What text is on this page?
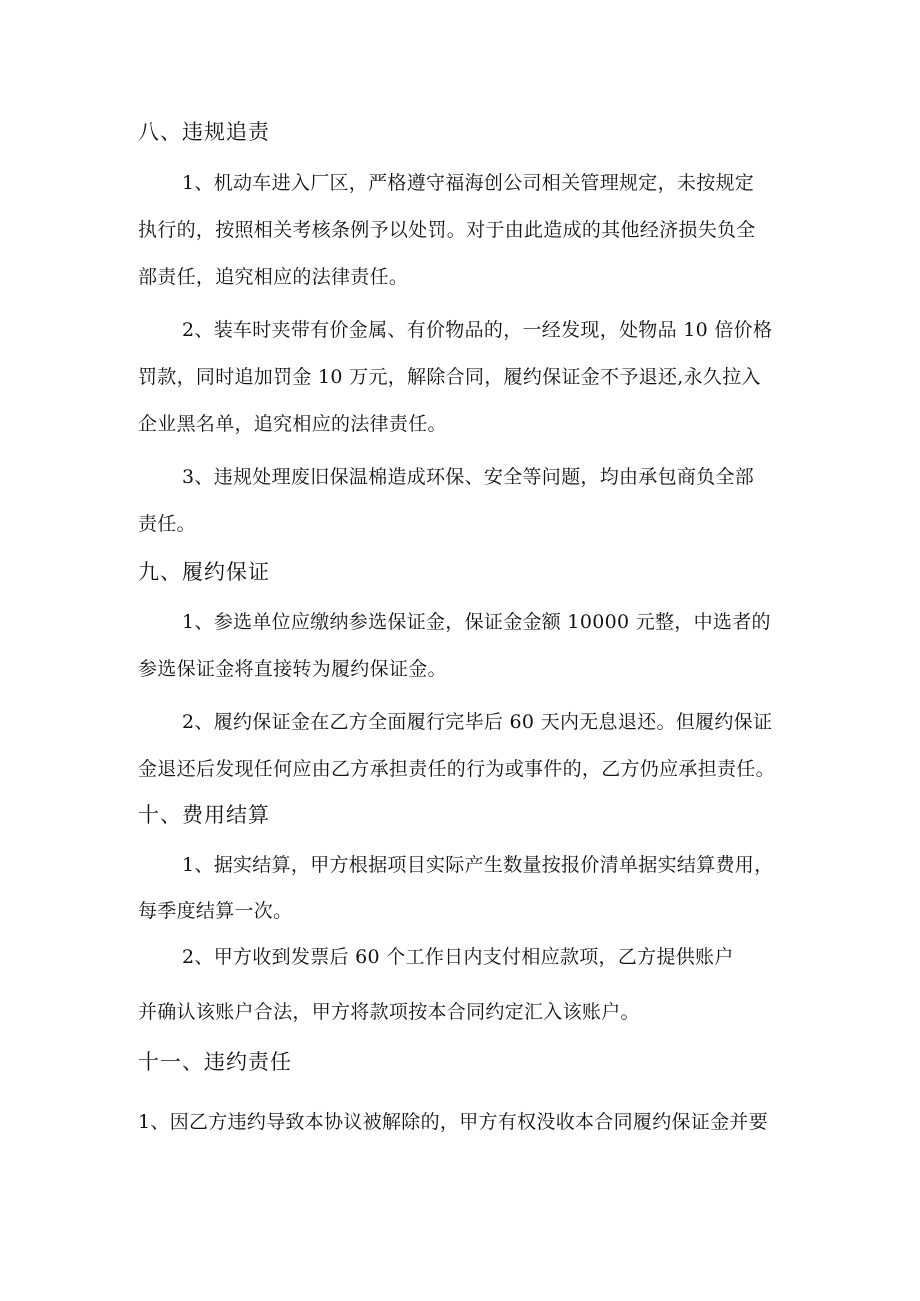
八、违规追责
1、机动车进入厂区，严格遵守福海创公司相关管理规定，未按规定
执行的，按照相关考核条例予以处罚。对于由此造成的其他经济损失负全
部责任，追究相应的法律责任。
2、装车时夹带有价金属、有价物品的，一经发现，处物品 10 倍价格
罚款，同时追加罚金 10 万元，解除合同，履约保证金不予退还,永久拉入
企业黑名单，追究相应的法律责任。
3、违规处理废旧保温棉造成环保、安全等问题，均由承包商负全部
责任。
九、履约保证
1、参选单位应缴纳参选保证金，保证金金额 10000 元整，中选者的
参选保证金将直接转为履约保证金。
2、履约保证金在乙方全面履行完毕后 60 天内无息退还。但履约保证
金退还后发现任何应由乙方承担责任的行为或事件的，乙方仍应承担责任。
十、费用结算
1、据实结算，甲方根据项目实际产生数量按报价清单据实结算费用，
每季度结算一次。
2、甲方收到发票后 60 个工作日内支付相应款项，乙方提供账户
并确认该账户合法，甲方将款项按本合同约定汇入该账户。
十一、违约责任
1、因乙方违约导致本协议被解除的，甲方有权没收本合同履约保证金并要
